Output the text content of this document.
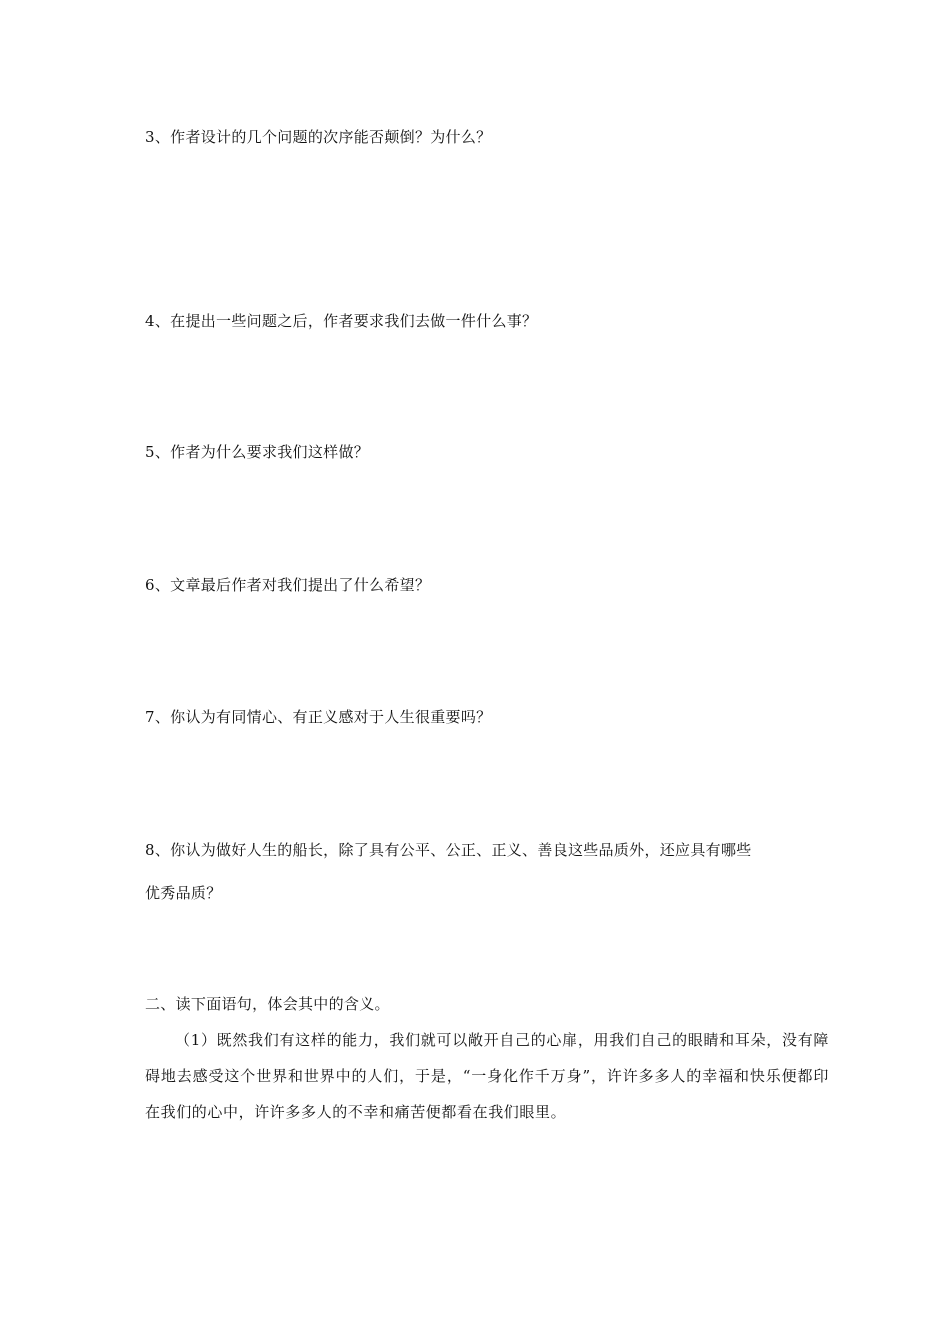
3、作者设计的几个问题的次序能否颠倒？为什么？
4、在提出一些问题之后，作者要求我们去做一件什么事？
5、作者为什么要求我们这样做？
6、文章最后作者对我们提出了什么希望？
7、你认为有同情心、有正义感对于人生很重要吗？
8、你认为做好人生的船长，除了具有公平、公正、正义、善良这些品质外，还应具有哪些
优秀品质？
二、读下面语句，体会其中的含义。
（1）既然我们有这样的能力，我们就可以敞开自己的心扉，用我们自己的眼睛和耳朵，没有障碍地去感受这个世界和世界中的人们，于是，“一身化作千万身”，许许多多人的幸福和快乐便都印在我们的心中，许许多多人的不幸和痛苦便都看在我们眼里。
